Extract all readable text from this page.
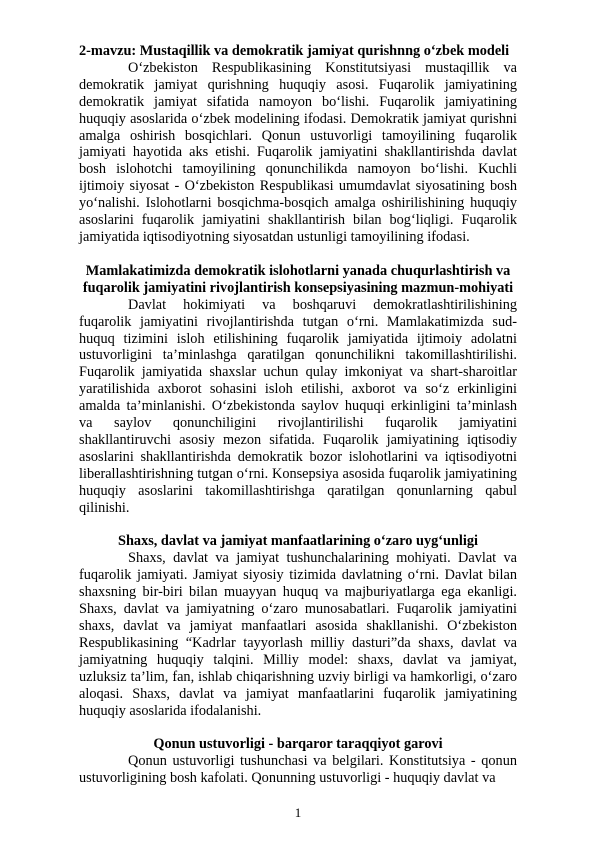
2-mavzu: Mustaqillik va demokratik jamiyat qurishnng o‘zbek modeli

O‘zbekiston Respublikasining Konstitutsiyasi mustaqillik va demokratik jamiyat qurishning huquqiy asosi. Fuqarolik jamiyatining demokratik jamiyat sifatida namoyon bo‘lishi. Fuqarolik jamiyatining huquqiy asoslarida o‘zbek modelining ifodasi. Demokratik jamiyat qurishni amalga oshirish bosqichlari. Qonun ustuvorligi tamoyilining fuqarolik jamiyati hayotida aks etishi. Fuqarolik jamiyatini shakllantirishda davlat bosh islohotchi tamoyilining qonunchilikda namoyon bo‘lishi. Kuchli ijtimoiy siyosat - O‘zbekiston Respublikasi umumdavlat siyosatining bosh yo‘nalishi. Islohotlarni bosqichma-bosqich amalga oshirilishining huquqiy asoslarini fuqarolik jamiyatini shakllantirish bilan bog‘liqligi. Fuqarolik jamiyatida iqtisodiyotning siyosatdan ustunligi tamoyilining ifodasi.

Mamlakatimizda demokratik islohotlarni yanada chuqurlashtirish va fuqarolik jamiyatini rivojlantirish konsepsiyasining mazmun-mohiyati

Davlat hokimiyati va boshqaruvi demokratlashtirilishining fuqarolik jamiyatini rivojlantirishda tutgan o‘rni. Mamlakatimizda sud-huquq tizimini isloh etilishining fuqarolik jamiyatida ijtimoiy adolatni ustuvorligini ta’minlashga qaratilgan qonunchilikni takomillashtirilishi. Fuqarolik jamiyatida shaxslar uchun qulay imkoniyat va shart-sharoitlar yaratilishida axborot sohasini isloh etilishi, axborot va so‘z erkinligini amalda ta’minlanishi. O‘zbekistonda saylov huquqi erkinligini ta’minlash va saylov qonunchiligini rivojlantirilishi fuqarolik jamiyatini shakllantiruvchi asosiy mezon sifatida. Fuqarolik jamiyatining iqtisodiy asoslarini shakllantirishda demokratik bozor islohotlarini va iqtisodiyotni liberallashtirishning tutgan o‘rni. Konsepsiya asosida fuqarolik jamiyatining huquqiy asoslarini takomillashtirishga qaratilgan qonunlarning qabul qilinishi.

Shaxs, davlat va jamiyat manfaatlarining o‘zaro uyg‘unligi

Shaxs, davlat va jamiyat tushunchalarining mohiyati. Davlat va fuqarolik jamiyati. Jamiyat siyosiy tizimida davlatning o‘rni. Davlat bilan shaxsning bir-biri bilan muayyan huquq va majburiyatlarga ega ekanligi. Shaxs, davlat va jamiyatning o‘zaro munosabatlari. Fuqarolik jamiyatini shaxs, davlat va jamiyat manfaatlari asosida shakllanishi. O‘zbekiston Respublikasining “Kadrlar tayyorlash milliy dasturi”da shaxs, davlat va jamiyatning huquqiy talqini. Milliy model: shaxs, davlat va jamiyat, uzluksiz ta’lim, fan, ishlab chiqarishning uzviy birligi va hamkorligi, o‘zaro aloqasi. Shaxs, davlat va jamiyat manfaatlarini fuqarolik jamiyatining huquqiy asoslarida ifodalanishi.

Qonun ustuvorligi - barqaror taraqqiyot garovi

Qonun ustuvorligi tushunchasi va belgilari. Konstitutsiya - qonun ustuvorligining bosh kafolati. Qonunning ustuvorligi - huquqiy davlat va

1
